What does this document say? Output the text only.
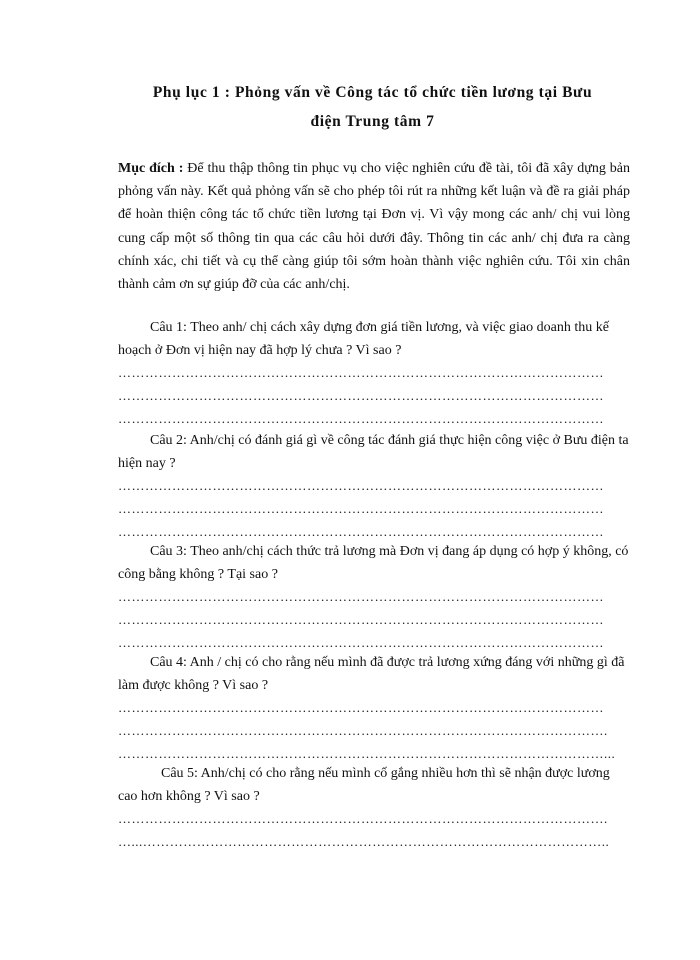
Phụ lục 1 : Phỏng vấn về Công tác tổ chức tiền lương tại Bưu
điện Trung tâm 7
Mục đích : Để thu thập thông tin phục vụ cho việc nghiên cứu đề tài, tôi đã xây dựng bản phỏng vấn này. Kết quả phỏng vấn sẽ cho phép tôi rút ra những kết luận và đề ra giải pháp để hoàn thiện công tác tổ chức tiền lương tại Đơn vị. Vì vậy mong các anh/ chị vui lòng cung cấp một số thông tin qua các câu hỏi dưới đây. Thông tin các anh/ chị đưa ra càng chính xác, chi tiết và cụ thể càng giúp tôi sớm hoàn thành việc nghiên cứu. Tôi xin chân thành cảm ơn sự giúp đỡ của các anh/chị.
Câu 1: Theo anh/ chị cách xây dựng đơn giá tiền lương, và việc giao doanh thu kế hoạch ở Đơn vị hiện nay đã hợp lý chưa ? Vì sao ?
………………………………………………………………………………………………
………………………………………………………………………………………………
………………………………………………………………………………………………
Câu 2: Anh/chị có đánh giá gì về công tác đánh giá thực hiện công việc ở Bưu điện ta hiện nay ?
………………………………………………………………………………………………
………………………………………………………………………………………………
………………………………………………………………………………………………
Câu 3: Theo anh/chị cách thức trả lương mà Đơn vị đang áp dụng có hợp ý không, có công bằng không ? Tại sao ?
………………………………………………………………………………………………
………………………………………………………………………………………………
………………………………………………………………………………………………
Câu 4: Anh / chị có cho rằng nếu mình đã được trả lương xứng đáng với những gì đã làm được không ? Vì sao ?
………………………………………………………………………………………………
……………………………………………………………………………………………….
………………………………………………………………………………………………...
Câu 5: Anh/chị có cho rằng nếu mình cố gắng nhiều hơn thì sẽ nhận được lương cao hơn không ? Vì sao ?
……………………………………………………………………………………………….
…...…………………………………………………………………………………………..
